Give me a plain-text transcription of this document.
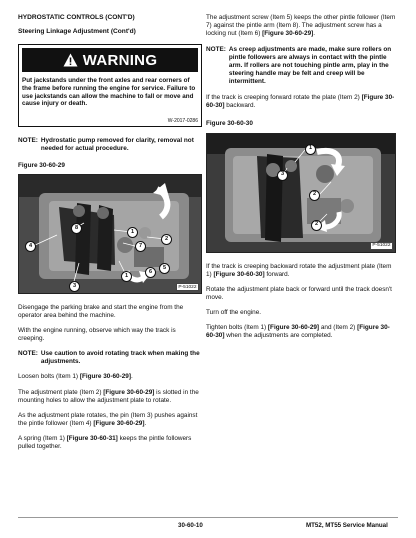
HYDROSTATIC CONTROLS (CONT'D)

Steering Linkage Adjustment (Cont'd)

WARNING
Put jackstands under the front axles and rear corners of the frame before running the engine for service. Failure to use jackstands can allow the machine to fall or move and cause injury or death.
W-2017-0286
NOTE: Hydrostatic pump removed for clarity, removal not needed for actual procedure.

Figure 30-60-29

8
1
2
4	7
6
5
3
1
P-51022

Disengage the parking brake and start the engine from the operator area behind the machine.

With the engine running, observe which way the track is creeping.

NOTE: Use caution to avoid rotating track when making the adjustments.

Loosen bolts (Item 1) [Figure 30-60-29].

The adjustment plate (Item 2) [Figure 30-60-29] is slotted in the mounting holes to allow the adjustment plate to rotate.

As the adjustment plate rotates, the pin (Item 3) pushes against the pintle follower (Item 4) [Figure 30-60-29].

A spring (Item 1) [Figure 30-60-31] keeps the pintle followers pulled together.

The adjustment screw (Item 5) keeps the other pintle follower (Item 7) against the pintle arm (Item 8). The adjustment screw has a locking nut (Item 6) [Figure 30-60-29].

NOTE: As creep adjustments are made, make sure rollers on pintle followers are always in contact with the pintle arm. If rollers are not touching pintle arm, play in the steering handle may be felt and creep will be intermittent.

If the track is creeping forward rotate the plate (Item 2) [Figure 30-60-30] backward.

Figure 30-60-30

1
3
2
2
P-51022

If the track is creeping backward rotate the adjustment plate (Item 1) [Figure 30-60-30] forward.

Rotate the adjustment plate back or forward until the track doesn't move.

Turn off the engine.

Tighten bolts (Item 1) [Figure 30-60-29] and (Item 2) [Figure 30-60-30] when the adjustments are completed.

30-60-10	MT52, MT55 Service Manual
